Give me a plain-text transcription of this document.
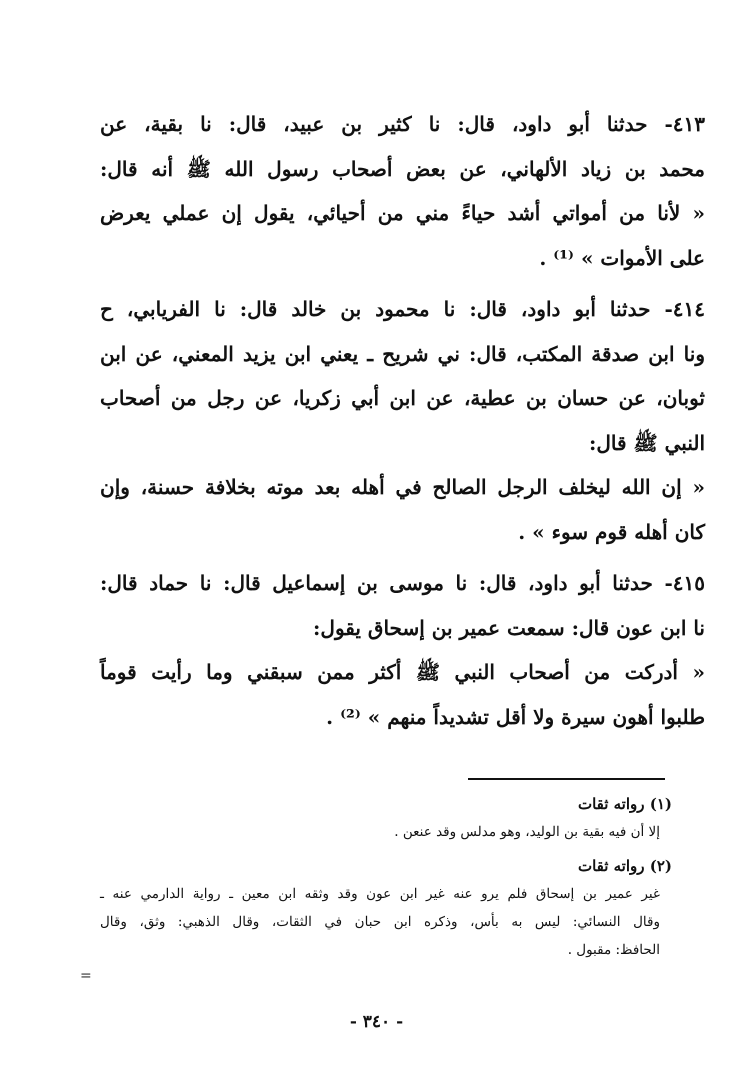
٤١٣- حدثنا أبو داود، قال: نا كثير بن عبيد، قال: نا بقية، عن
محمد بن زياد الألهاني، عن بعض أصحاب رسول الله ﷺ أنه قال:
« لأنا من أمواتي أشد حياءً مني من أحيائي، يقول إن عملي يعرض
على الأموات » ⁽¹⁾ .
٤١٤- حدثنا أبو داود، قال: نا محمود بن خالد قال: نا الفريابي، ح
ونا ابن صدقة المكتب، قال: ني شريح ـ يعني ابن يزيد المعني، عن ابن
ثوبان، عن حسان بن عطية، عن ابن أبي زكريا، عن رجل من أصحاب
النبي ﷺ قال:
« إن الله ليخلف الرجل الصالح في أهله بعد موته بخلافة حسنة، وإن
كان أهله قوم سوء » .
٤١٥- حدثنا أبو داود، قال: نا موسى بن إسماعيل قال: نا حماد قال:
نا ابن عون قال: سمعت عمير بن إسحاق يقول:
« أدركت من أصحاب النبي ﷺ أكثر ممن سبقني وما رأيت قوماً
طلبوا أهون سيرة ولا أقل تشديداً منهم » ⁽²⁾ .
(١) رواته ثقات
إلا أن فيه بقية بن الوليد، وهو مدلس وقد عنعن .
(٢) رواته ثقات
غير عمير بن إسحاق فلم يرو عنه غير ابن عون وقد وثقه ابن معين ـ رواية الدارمي عنه ـ
وقال النسائي: ليس به بأس، وذكره ابن حبان في الثقات، وقال الذهبي: وثق، وقال
الحافظ: مقبول .
=
- ٣٤٠ -
